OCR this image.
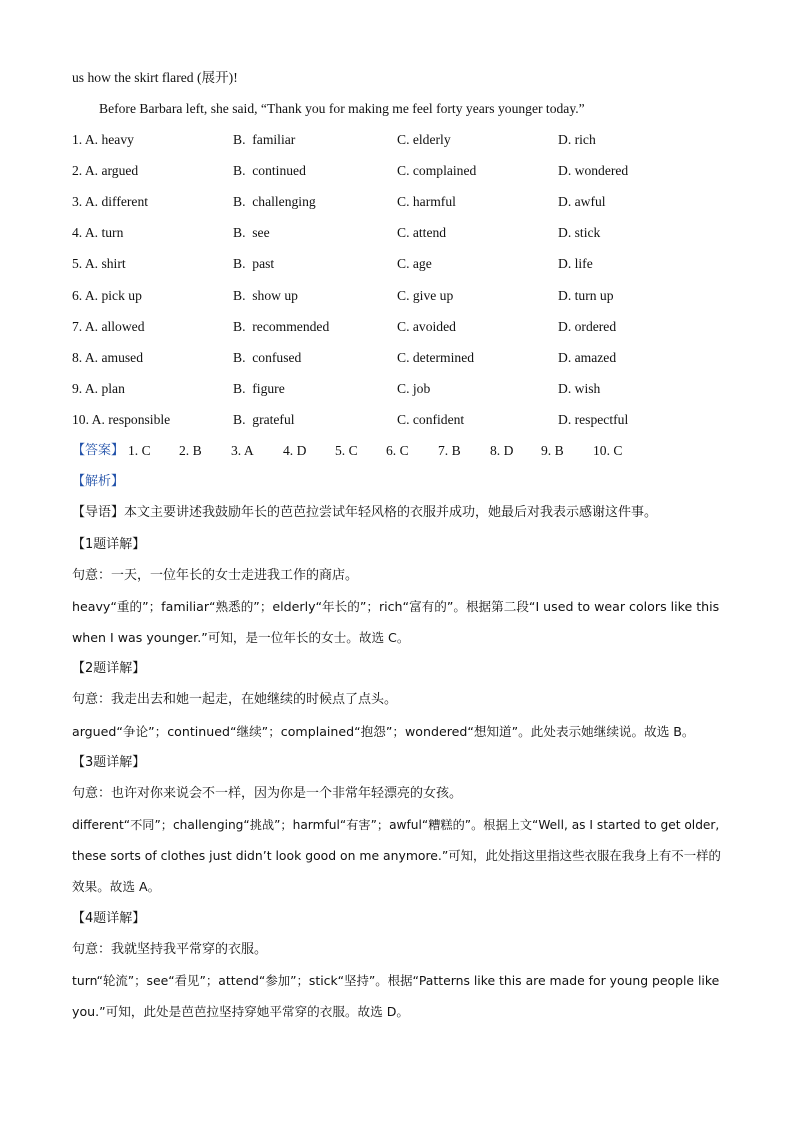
us how the skirt flared (展开)!
Before Barbara left, she said, “Thank you for making me feel forty years younger today.”
1. A. heavy	B. familiar	C. elderly	D. rich
2. A. argued	B. continued	C. complained	D. wondered
3. A. different	B. challenging	C. harmful	D. awful
4. A. turn	B. see	C. attend	D. stick
5. A. shirt	B. past	C. age	D. life
6. A. pick up	B. show up	C. give up	D. turn up
7. A. allowed	B. recommended	C. avoided	D. ordered
8. A. amused	B. confused	C. determined	D. amazed
9. A. plan	B. figure	C. job	D. wish
10. A. responsible	B. grateful	C. confident	D. respectful
【答案】 1. C 2. B 3. A 4. D 5. C 6. C 7. B 8. D 9. B 10. C
【解析】
【导语】本文主要讲述我鼓励年长的芭芭拉尝试年轻风格的衣服并成功，她最后对我表示感谢这件事。
【1题详解】
句意：一天，一位年长的女士走进我工作的商店。
heavy“重的”；familiar“熟悉的”；elderly“年长的”；rich“富有的”。根据第二段“I used to wear colors like this
when I was younger.”可知，是一位年长的女士。故选 C。
【2题详解】
句意：我走出去和她一起走，在她继续的时候点了点头。
argued“争论”；continued“继续”；complained“抱怨”；wondered“想知道”。此处表示她继续说。故选 B。
【3题详解】
句意：也许对你来说会不一样，因为你是一个非常年轻漂亮的女孩。
different“不同”；challenging“挑战”；harmful“有害”；awful“糟糕的”。根据上文“Well, as I started to get older,
these sorts of clothes just didn’t look good on me anymore.”可知，此处指这里指这些衣服在我身上有不一样的
效果。故选 A。
【4题详解】
句意：我就坚持我平常穿的衣服。
turn“轮流”；see“看见”；attend“参加”；stick“坚持”。根据“Patterns like this are made for young people like
you.”可知，此处是芭芭拉坚持穿她平常穿的衣服。故选 D。
